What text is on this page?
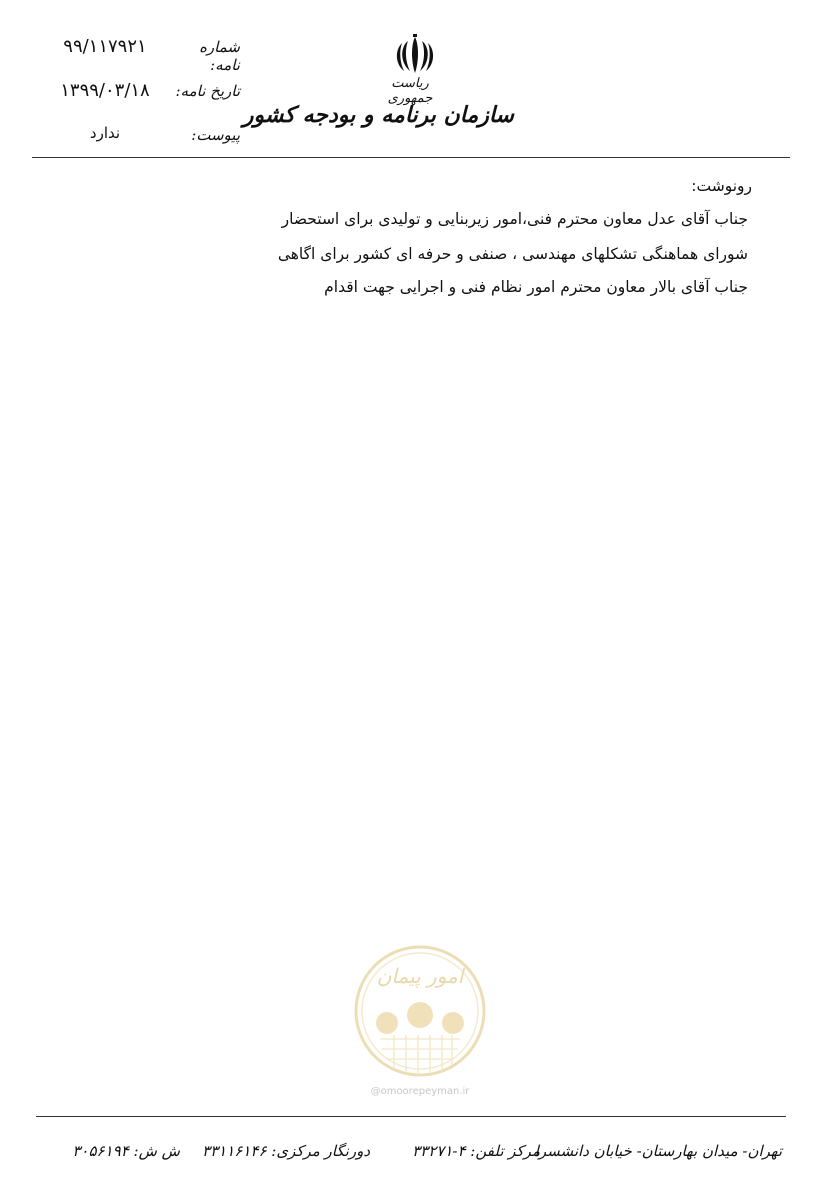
شماره نامه:
۹۹/۱۱۷۹۲۱
تاریخ نامه:
۱۳۹۹/۰۳/۱۸
پیوست:
ندارد
ریاست جمهوری
سازمان برنامه و بودجه کشور
رونوشت:
جناب آقای عدل معاون محترم فنی،امور زیربنایی و تولیدی برای استحضار
شورای هماهنگی تشکلهای مهندسی ، صنفی و حرفه ای کشور برای اگاهی
جناب آقای بالار معاون محترم امور نظام فنی و اجرایی جهت اقدام
امور پیمان
@omoorepeyman.ir
تهران- میدان بهارستان- خیابان دانشسرا
مرکز تلفن: ۴-۳۳۲۷۱
دورنگار مرکزی: ۳۳۱۱۶۱۴۶
ش ش: ۳۰۵۶۱۹۴
